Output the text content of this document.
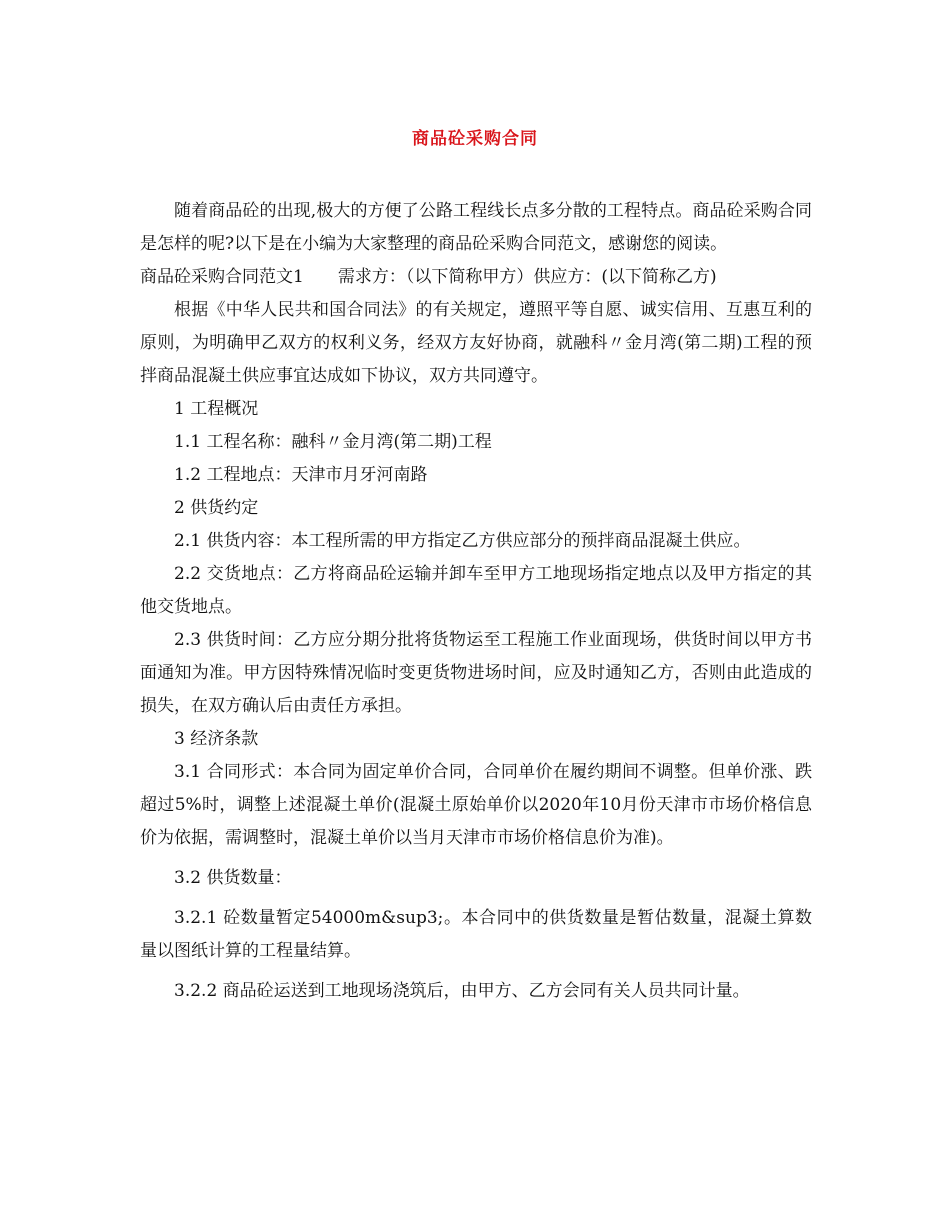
商品砼采购合同

随着商品砼的出现,极大的方便了公路工程线长点多分散的工程特点。商品砼采购合同是怎样的呢?以下是在小编为大家整理的商品砼采购合同范文，感谢您的阅读。

商品砼采购合同范文1　　需求方：（以下简称甲方）供应方：(以下简称乙方)

根据《中华人民共和国合同法》的有关规定，遵照平等自愿、诚实信用、互惠互利的原则，为明确甲乙双方的权利义务，经双方友好协商，就融科〃金月湾(第二期)工程的预拌商品混凝土供应事宜达成如下协议，双方共同遵守。

1 工程概况

1.1 工程名称：融科〃金月湾(第二期)工程

1.2 工程地点：天津市月牙河南路

2 供货约定

2.1 供货内容：本工程所需的甲方指定乙方供应部分的预拌商品混凝土供应。

2.2 交货地点：乙方将商品砼运输并卸车至甲方工地现场指定地点以及甲方指定的其他交货地点。

2.3 供货时间：乙方应分期分批将货物运至工程施工作业面现场，供货时间以甲方书面通知为准。甲方因特殊情况临时变更货物进场时间，应及时通知乙方，否则由此造成的损失，在双方确认后由责任方承担。

3 经济条款

3.1 合同形式：本合同为固定单价合同，合同单价在履约期间不调整。但单价涨、跌超过5%时，调整上述混凝土单价(混凝土原始单价以2020年10月份天津市市场价格信息价为依据，需调整时，混凝土单价以当月天津市市场价格信息价为准)。

3.2 供货数量：

3.2.1 砼数量暂定54000m&sup3;。本合同中的供货数量是暂估数量，混凝土算数量以图纸计算的工程量结算。

3.2.2 商品砼运送到工地现场浇筑后，由甲方、乙方会同有关人员共同计量。
